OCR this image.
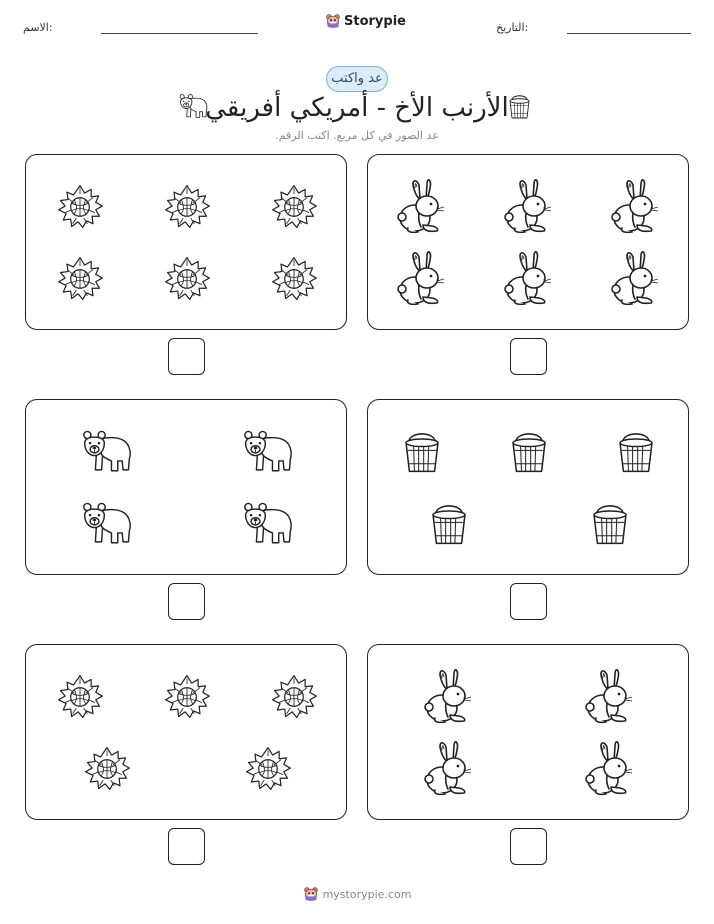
الاسم:	Storypie	التاريخ:
عد واكتب
الأرنب الأخ - أمريكي أفريقي
عد الصور في كل مربع. اكتب الرقم.
mystorypie.com
